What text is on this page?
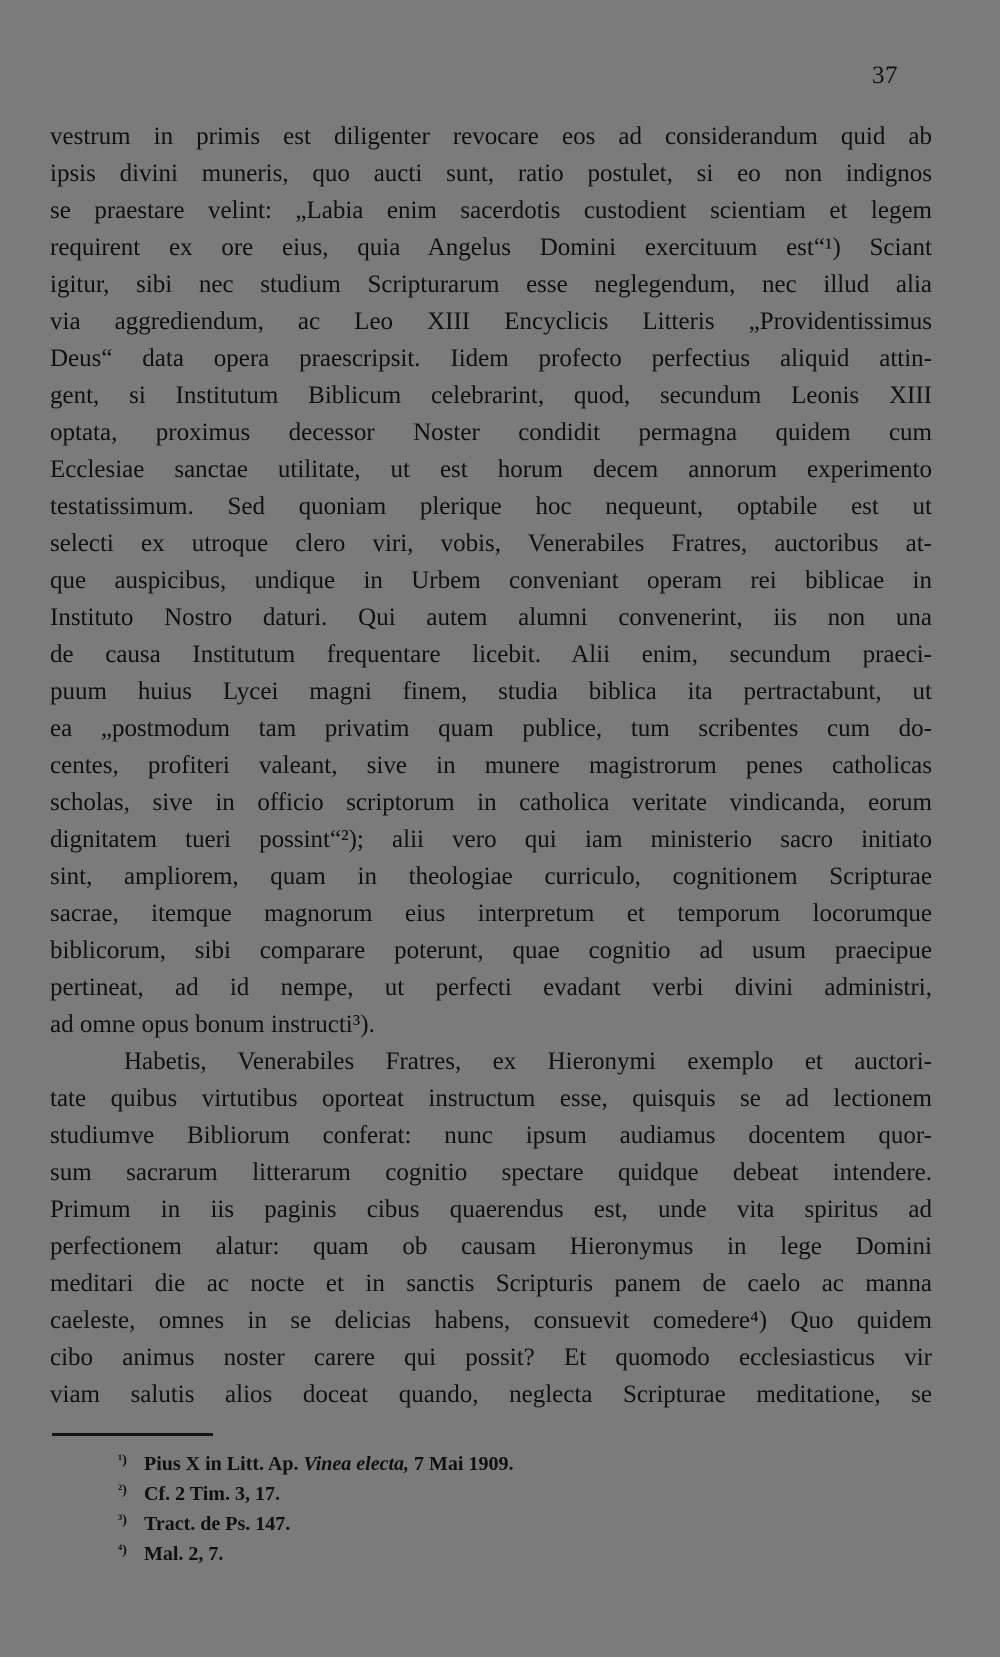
37
vestrum in primis est diligenter revocare eos ad considerandum quid ab
ipsis divini muneris, quo aucti sunt, ratio postulet, si eo non indignos
se praestare velint: „Labia enim sacerdotis custodient scientiam et legem
requirent ex ore eius, quia Angelus Domini exercituum est“¹) Sciant
igitur, sibi nec studium Scripturarum esse neglegendum, nec illud alia
via aggrediendum, ac Leo XIII Encyclicis Litteris „Providentissimus
Deus“ data opera praescripsit. Iidem profecto perfectius aliquid attin-
gent, si Institutum Biblicum celebrarint, quod, secundum Leonis XIII
optata, proximus decessor Noster condidit permagna quidem cum
Ecclesiae sanctae utilitate, ut est horum decem annorum experimento
testatissimum. Sed quoniam plerique hoc nequeunt, optabile est ut
selecti ex utroque clero viri, vobis, Venerabiles Fratres, auctoribus at-
que auspicibus, undique in Urbem conveniant operam rei biblicae in
Instituto Nostro daturi. Qui autem alumni convenerint, iis non una
de causa Institutum frequentare licebit. Alii enim, secundum praeci-
puum huius Lycei magni finem, studia biblica ita pertractabunt, ut
ea „postmodum tam privatim quam publice, tum scribentes cum do-
centes, profiteri valeant, sive in munere magistrorum penes catholicas
scholas, sive in officio scriptorum in catholica veritate vindicanda, eorum
dignitatem tueri possint“²); alii vero qui iam ministerio sacro initiato
sint, ampliorem, quam in theologiae curriculo, cognitionem Scripturae
sacrae, itemque magnorum eius interpretum et temporum locorumque
biblicorum, sibi comparare poterunt, quae cognitio ad usum praecipue
pertineat, ad id nempe, ut perfecti evadant verbi divini administri,
ad omne opus bonum instructi³).
Habetis, Venerabiles Fratres, ex Hieronymi exemplo et auctori-
tate quibus virtutibus oporteat instructum esse, quisquis se ad lectionem
studiumve Bibliorum conferat: nunc ipsum audiamus docentem quor-
sum sacrarum litterarum cognitio spectare quidque debeat intendere.
Primum in iis paginis cibus quaerendus est, unde vita spiritus ad
perfectionem alatur: quam ob causam Hieronymus in lege Domini
meditari die ac nocte et in sanctis Scripturis panem de caelo ac manna
caeleste, omnes in se delicias habens, consuevit comedere⁴) Quo quidem
cibo animus noster carere qui possit? Et quomodo ecclesiasticus vir
viam salutis alios doceat quando, neglecta Scripturae meditatione, se
¹) Pius X in Litt. Ap. Vinea electa, 7 Mai 1909.
²) Cf. 2 Tim. 3, 17.
³) Tract. de Ps. 147.
⁴) Mal. 2, 7.
